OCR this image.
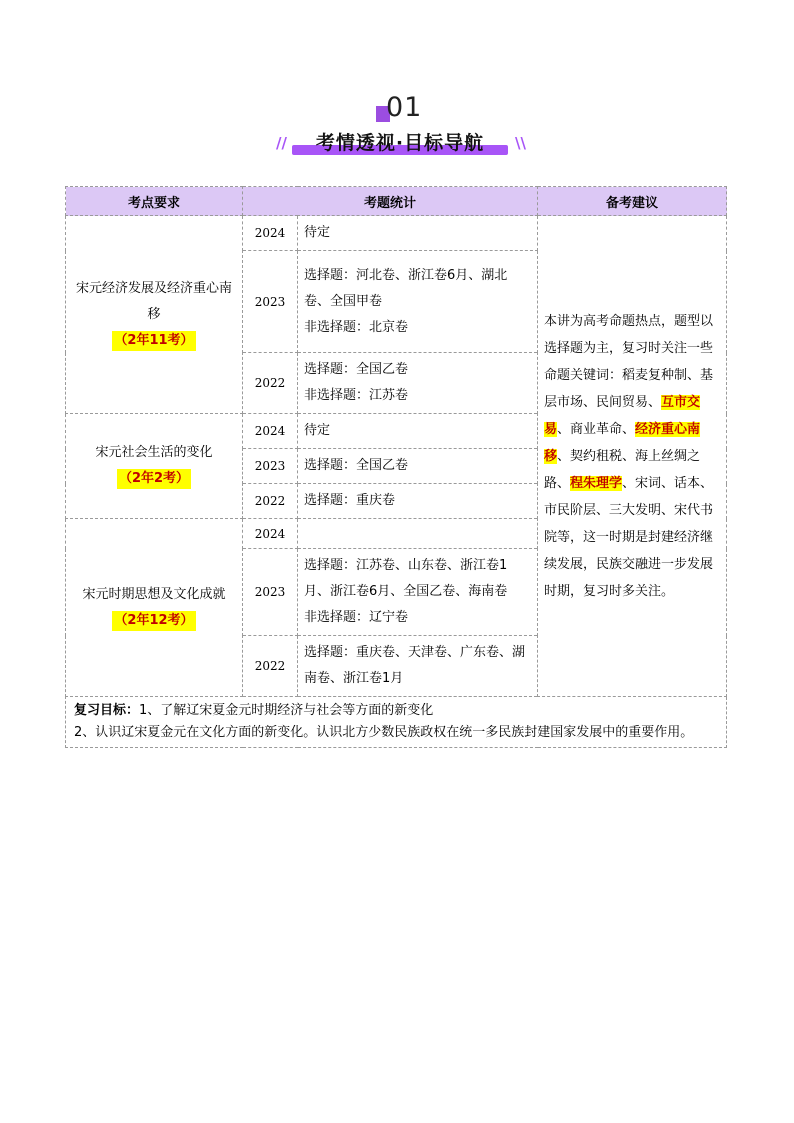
01
//	考情透视·目标导航	\\
考点要求	考题统计		备考建议

宋元经济发展及经济重心南移
（2年11考）	2024	待定	本讲为高考命题热点，题型以选择题为主，复习时关注一些命题关键词：稻麦复种制、基层市场、民间贸易、互市交易、商业革命、经济重心南移、契约租税、海上丝绸之路、程朱理学、宋词、话本、市民阶层、三大发明、宋代书院等，这一时期是封建经济继续发展，民族交融进一步发展时期，复习时多关注。
	2023	选择题：河北卷、浙江卷6月、湖北卷、全国甲卷
非选择题：北京卷	

	2022	选择题：全国乙卷
非选择题：江苏卷	

宋元社会生活的变化
（2年2考）	2024	待定	

	2023	选择题：全国乙卷	

	2022	选择题：重庆卷	

宋元时期思想及文化成就
（2年12考）	2024		

	2023	选择题：江苏卷、山东卷、浙江卷1月、浙江卷6月、全国乙卷、海南卷
非选择题：辽宁卷	

	2022	选择题：重庆卷、天津卷、广东卷、湖南卷、浙江卷1月	

复习目标：1、了解辽宋夏金元时期经济与社会等方面的新变化
2、认识辽宋夏金元在文化方面的新变化。认识北方少数民族政权在统一多民族封建国家发展中的重要作用。			
